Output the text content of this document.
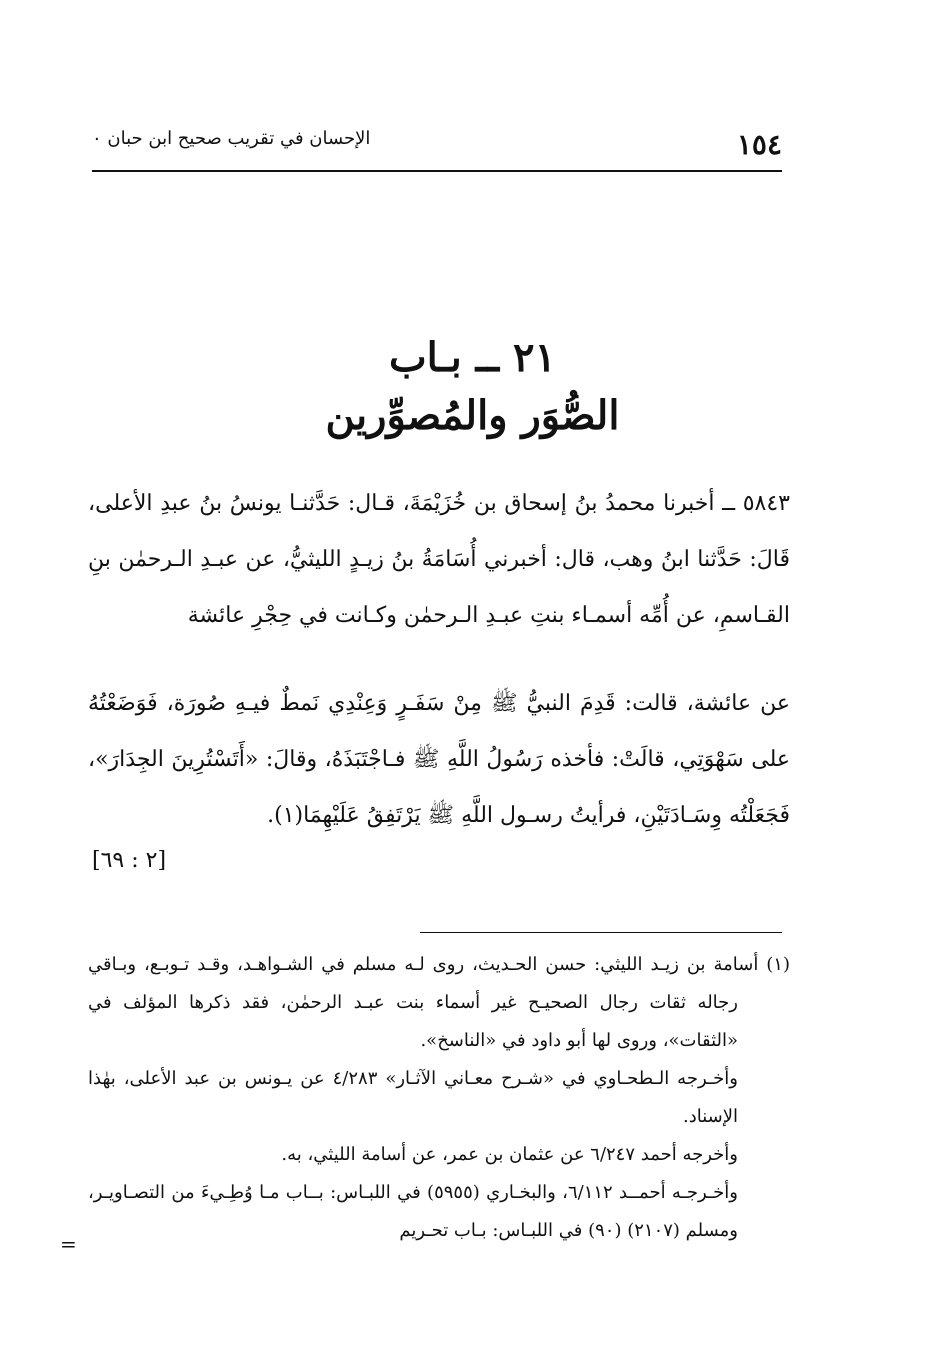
١٥٤
الإحسان في تقريب صحيح ابن حبان ٠
٢١ ــ بـاب
الصُّوَر والمُصوِّرين
٥٨٤٣ ــ أخبرنا محمدُ بنُ إسحاق بن خُزَيْمَةَ، قـال: حَدَّثنـا يونسُ بنُ عبدِ الأعلى، قَالَ: حَدَّثنا ابنُ وهب، قال: أخبرني أُسَامَةُ بنُ زيـدٍ الليثيُّ، عن عبـدِ الـرحمٰن بنِ القـاسمِ، عن أُمِّه أسمـاء بنتِ عبـدِ الـرحمٰن وكـانت في حِجْرِ عائشة
عن عائشة، قالت: قَدِمَ النبيُّ ﷺ مِنْ سَفَـرٍ وَعِنْدِي نَمطٌ فيـهِ صُورَة، فَوَضَعْتُهُ على سَهْوَتِي، قالَتْ: فأخذه رَسُولُ اللَّهِ ﷺ فـاجْتَبَذَهُ، وقالَ: «أَتَسْتُرِينَ الجِدَارَ»، فَجَعَلْتُه وِسَـادَتَيْنِ، فرأيتُ رسـول اللَّهِ ﷺ يَرْتَفِقُ عَلَيْهِمَا(١).
[٢ : ٦٩]

(١) أسامة بن زيـد الليثي: حسن الحـديث، روى لـه مسلم في الشـواهـد، وقـد تـوبـع، وبـاقي رجاله ثقات رجال الصحيـح غير أسماء بنت عبـد الرحمٰن، فقد ذكرها المؤلف في «الثقات»، وروى لها أبو داود في «الناسخ».

وأخـرجه الـطحـاوي في «شـرح معـاني الآثـار» ٤/٢٨٣ عن يـونس بن عبد الأعلى، بهٰذا الإسناد.

وأخرجه أحمد ٦/٢٤٧ عن عثمان بن عمر، عن أسامة الليثي، به.

وأخـرجـه أحمــد ٦/١١٢، والبخـاري (٥٩٥٥) في اللبـاس: بــاب مـا وُطِـيءَ من التصـاويـر، ومسلم (٢١٠٧) (٩٠) في اللبـاس: بـاب تحـريم

=
